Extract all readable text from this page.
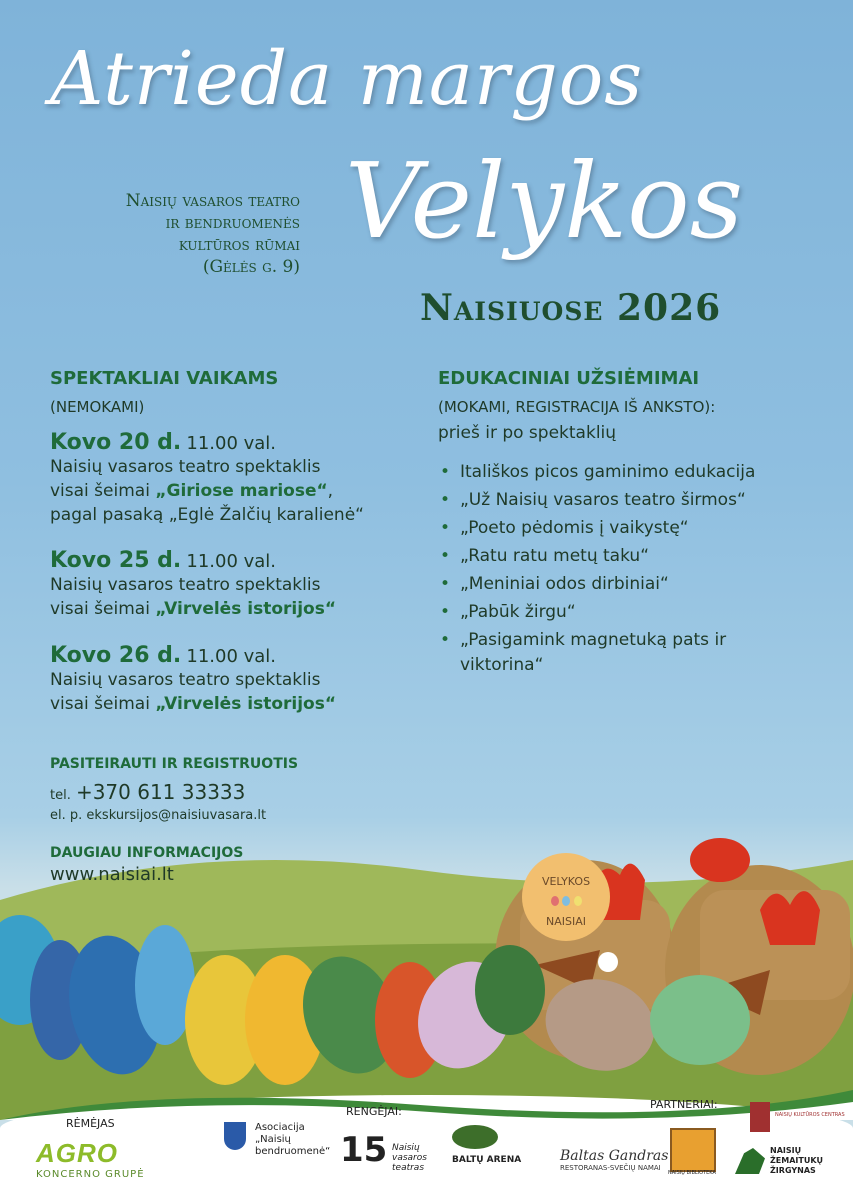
VELYKOS

NAISIAI
Atrieda margos
Velykos
Naisių vasaros teatro
ir bendruomenės
kultūros rūmai
(Gėlės g. 9)
Naisiuose 2026
SPEKTAKLIAI VAIKAMS
(NEMOKAMI)
Kovo 20 d. 11.00 val.
Naisių vasaros teatro spektaklis
visai šeimai „Giriose mariose“,
pagal pasaką „Eglė Žalčių karalienė“
Kovo 25 d. 11.00 val.
Naisių vasaros teatro spektaklis
visai šeimai „Virvelės istorijos“
Kovo 26 d. 11.00 val.
Naisių vasaros teatro spektaklis
visai šeimai „Virvelės istorijos“
EDUKACINIAI UŽSIĖMIMAI
(MOKAMI, REGISTRACIJA IŠ ANKSTO):
prieš ir po spektaklių
• Itališkos picos gaminimo edukacija
• „Už Naisių vasaros teatro širmos“
• „Poeto pėdomis į vaikystę“
• „Ratu ratu metų taku“
• „Meniniai odos dirbiniai“
• „Pabūk žirgu“
• „Pasigamink magnetuką pats ir viktorina“
PASITEIRAUTI IR REGISTRUOTIS
tel. +370 611 33333
el. p. ekskursijos@naisiuvasara.lt
DAUGIAU INFORMACIJOS
www.naisiai.lt
RĖMĖJAS
AGRO
KONCERNO GRUPĖ
Asociacija
„Naisių
bendruomenė“
RENGĖJAI:
15 Naisių
vasaros
teatras
BALTŲ ARENA
PARTNERIAI:
Baltas Gandras
RESTORANAS-SVEČIŲ NAMAI
NAISIŲ BIBLIOTEKA
NAISIŲ KULTŪROS CENTRAS
NAISIŲ
ŽEMAITUKŲ
ŽIRGYNAS
